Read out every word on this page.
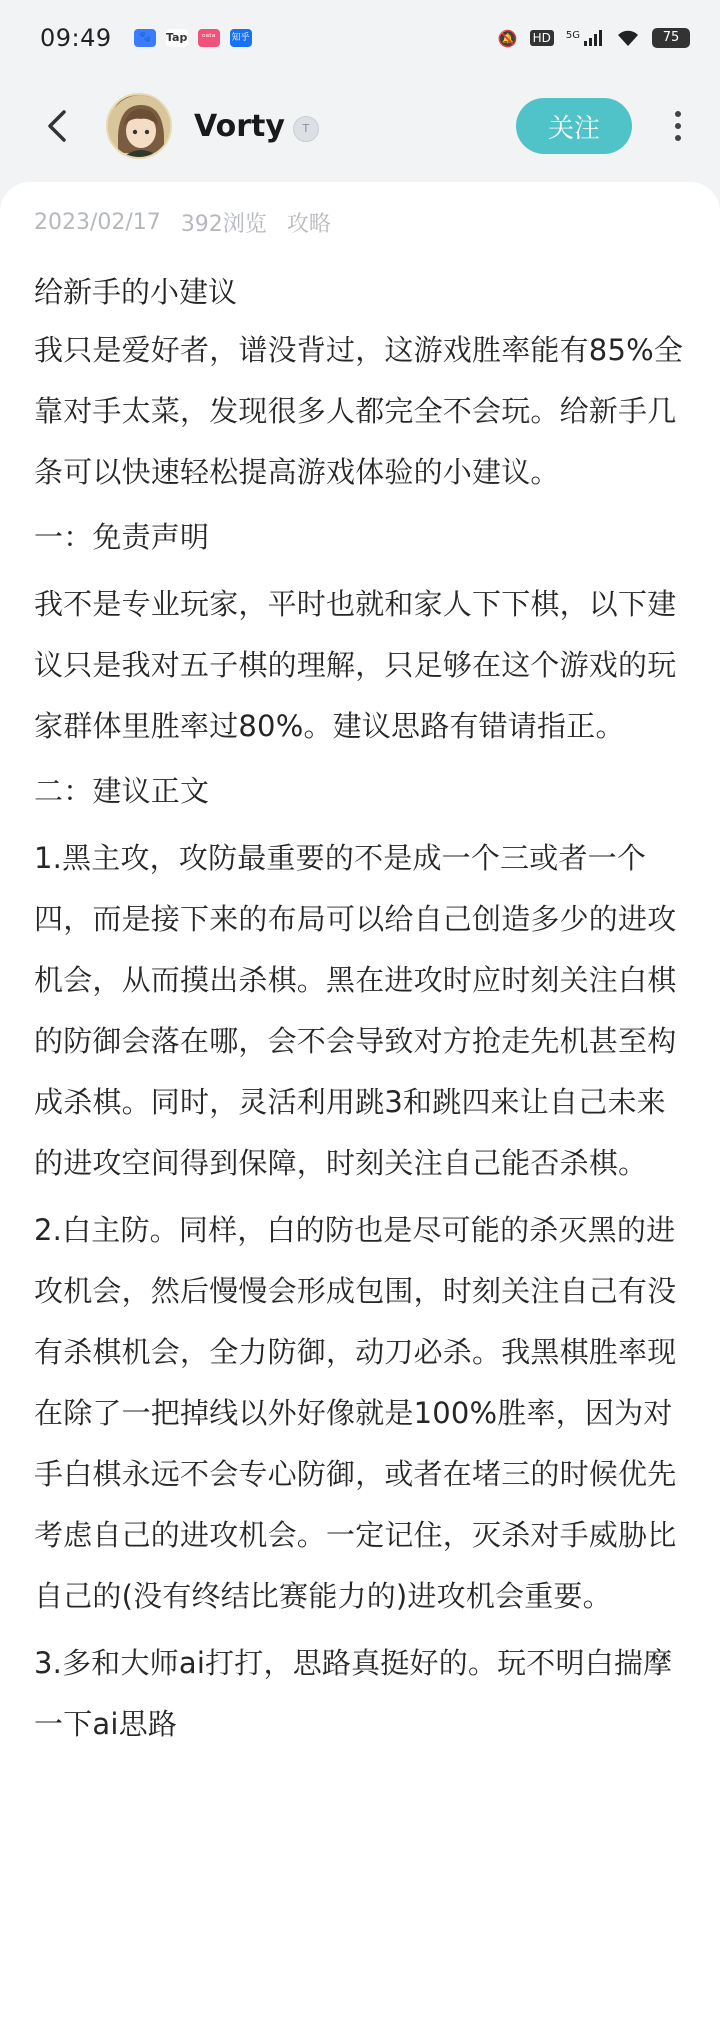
09:49	🐾	Tap	ᵒᵃᵗᵃ	知乎	🔕 HD	5G	75
Vorty	T	关注
2023/02/17 392浏览 攻略
给新手的小建议

我只是爱好者，谱没背过，这游戏胜率能有85%全靠对手太菜，发现很多人都完全不会玩。给新手几条可以快速轻松提高游戏体验的小建议。

一：免责声明

我不是专业玩家，平时也就和家人下下棋，以下建议只是我对五子棋的理解，只足够在这个游戏的玩家群体里胜率过80%。建议思路有错请指正。

二：建议正文

1.黑主攻，攻防最重要的不是成一个三或者一个四，而是接下来的布局可以给自己创造多少的进攻机会，从而摸出杀棋。黑在进攻时应时刻关注白棋的防御会落在哪，会不会导致对方抢走先机甚至构成杀棋。同时，灵活利用跳3和跳四来让自己未来的进攻空间得到保障，时刻关注自己能否杀棋。

2.白主防。同样，白的防也是尽可能的杀灭黑的进攻机会，然后慢慢会形成包围，时刻关注自己有没有杀棋机会，全力防御，动刀必杀。我黑棋胜率现在除了一把掉线以外好像就是100%胜率，因为对手白棋永远不会专心防御，或者在堵三的时候优先考虑自己的进攻机会。一定记住，灭杀对手威胁比自己的(没有终结比赛能力的)进攻机会重要。

3.多和大师ai打打，思路真挺好的。玩不明白揣摩一下ai思路
